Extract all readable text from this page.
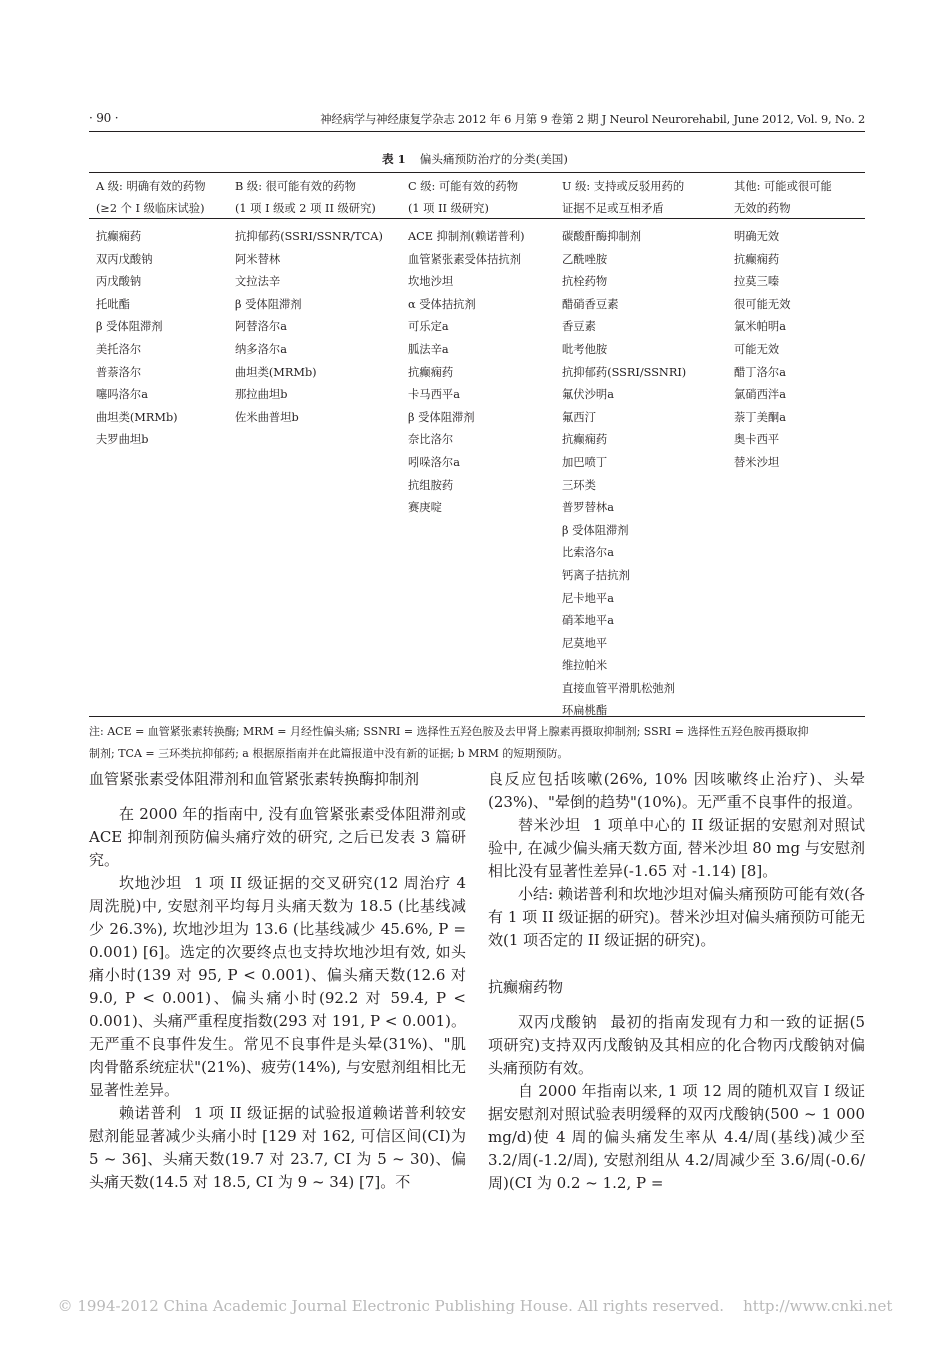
· 90 ·	神经病学与神经康复学杂志 2012 年 6 月第 9 卷第 2 期 J Neurol Neurorehabil, June 2012, Vol. 9, No. 2
表 1 偏头痛预防治疗的分类(美国)
A 级: 明确有效的药物
(≥2 个 I 级临床试验)
抗癫痫药
双丙戊酸钠
丙戊酸钠
托吡酯
β 受体阻滞剂
美托洛尔
普萘洛尔
噻吗洛尔a
曲坦类(MRMb)
夫罗曲坦b
B 级: 很可能有效的药物
(1 项 I 级或 2 项 II 级研究)
抗抑郁药(SSRI/SSNR/TCA)
阿米替林
文拉法辛
β 受体阻滞剂
阿替洛尔a
纳多洛尔a
曲坦类(MRMb)
那拉曲坦b
佐米曲普坦b
C 级: 可能有效的药物
(1 项 II 级研究)
ACE 抑制剂(赖诺普利)
血管紧张素受体拮抗剂
坎地沙坦
α 受体拮抗剂
可乐定a
胍法辛a
抗癫痫药
卡马西平a
β 受体阻滞剂
奈比洛尔
吲哚洛尔a
抗组胺药
赛庚啶
U 级: 支持或反驳用药的
证据不足或互相矛盾
碳酸酐酶抑制剂
乙酰唑胺
抗栓药物
醋硝香豆素
香豆素
吡考他胺
抗抑郁药(SSRI/SSNRI)
氟伏沙明a
氟西汀
抗癫痫药
加巴喷丁
三环类
普罗替林a
β 受体阻滞剂
比索洛尔a
钙离子拮抗剂
尼卡地平a
硝苯地平a
尼莫地平
维拉帕米
直接血管平滑肌松弛剂
环扁桃酯
其他: 可能或很可能
无效的药物
明确无效
抗癫痫药
拉莫三嗪
很可能无效
氯米帕明a
可能无效
醋丁洛尔a
氯硝西泮a
萘丁美酮a
奥卡西平
替米沙坦
注: ACE = 血管紧张素转换酶; MRM = 月经性偏头痛; SSNRI = 选择性五羟色胺及去甲肾上腺素再摄取抑制剂; SSRI = 选择性五羟色胺再摄取抑
制剂; TCA = 三环类抗抑郁药; a 根据原指南并在此篇报道中没有新的证据; b MRM 的短期预防。

血管紧张素受体阻滞剂和血管紧张素转换酶抑制剂

在 2000 年的指南中, 没有血管紧张素受体阻滞剂或 ACE 抑制剂预防偏头痛疗效的研究, 之后已发表 3 篇研究。

坎地沙坦 1 项 II 级证据的交叉研究(12 周治疗 4 周洗脱)中, 安慰剂平均每月头痛天数为 18.5 (比基线减少 26.3%), 坎地沙坦为 13.6 (比基线减少 45.6%, P = 0.001) [6]。选定的次要终点也支持坎地沙坦有效, 如头痛小时(139 对 95, P < 0.001)、偏头痛天数(12.6 对 9.0, P < 0.001)、偏头痛小时(92.2 对 59.4, P < 0.001)、头痛严重程度指数(293 对 191, P < 0.001)。无严重不良事件发生。常见不良事件是头晕(31%)、"肌肉骨骼系统症状"(21%)、疲劳(14%), 与安慰剂组相比无显著性差异。

赖诺普利 1 项 II 级证据的试验报道赖诺普利较安慰剂能显著减少头痛小时 [129 对 162, 可信区间(CI)为 5 ~ 36]、头痛天数(19.7 对 23.7, CI 为 5 ~ 30)、偏头痛天数(14.5 对 18.5, CI 为 9 ~ 34) [7]。不

良反应包括咳嗽(26%, 10% 因咳嗽终止治疗)、头晕(23%)、"晕倒的趋势"(10%)。无严重不良事件的报道。

替米沙坦 1 项单中心的 II 级证据的安慰剂对照试验中, 在减少偏头痛天数方面, 替米沙坦 80 mg 与安慰剂相比没有显著性差异(-1.65 对 -1.14) [8]。

小结: 赖诺普利和坎地沙坦对偏头痛预防可能有效(各有 1 项 II 级证据的研究)。替米沙坦对偏头痛预防可能无效(1 项否定的 II 级证据的研究)。

抗癫痫药物

双丙戊酸钠 最初的指南发现有力和一致的证据(5 项研究)支持双丙戊酸钠及其相应的化合物丙戊酸钠对偏头痛预防有效。

自 2000 年指南以来, 1 项 12 周的随机双盲 I 级证据安慰剂对照试验表明缓释的双丙戊酸钠(500 ~ 1 000 mg/d)使 4 周的偏头痛发生率从 4.4/周(基线)减少至 3.2/周(-1.2/周), 安慰剂组从 4.2/周减少至 3.6/周(-0.6/周)(CI 为 0.2 ~ 1.2, P =

© 1994-2012 China Academic Journal Electronic Publishing House. All rights reserved. http://www.cnki.net
